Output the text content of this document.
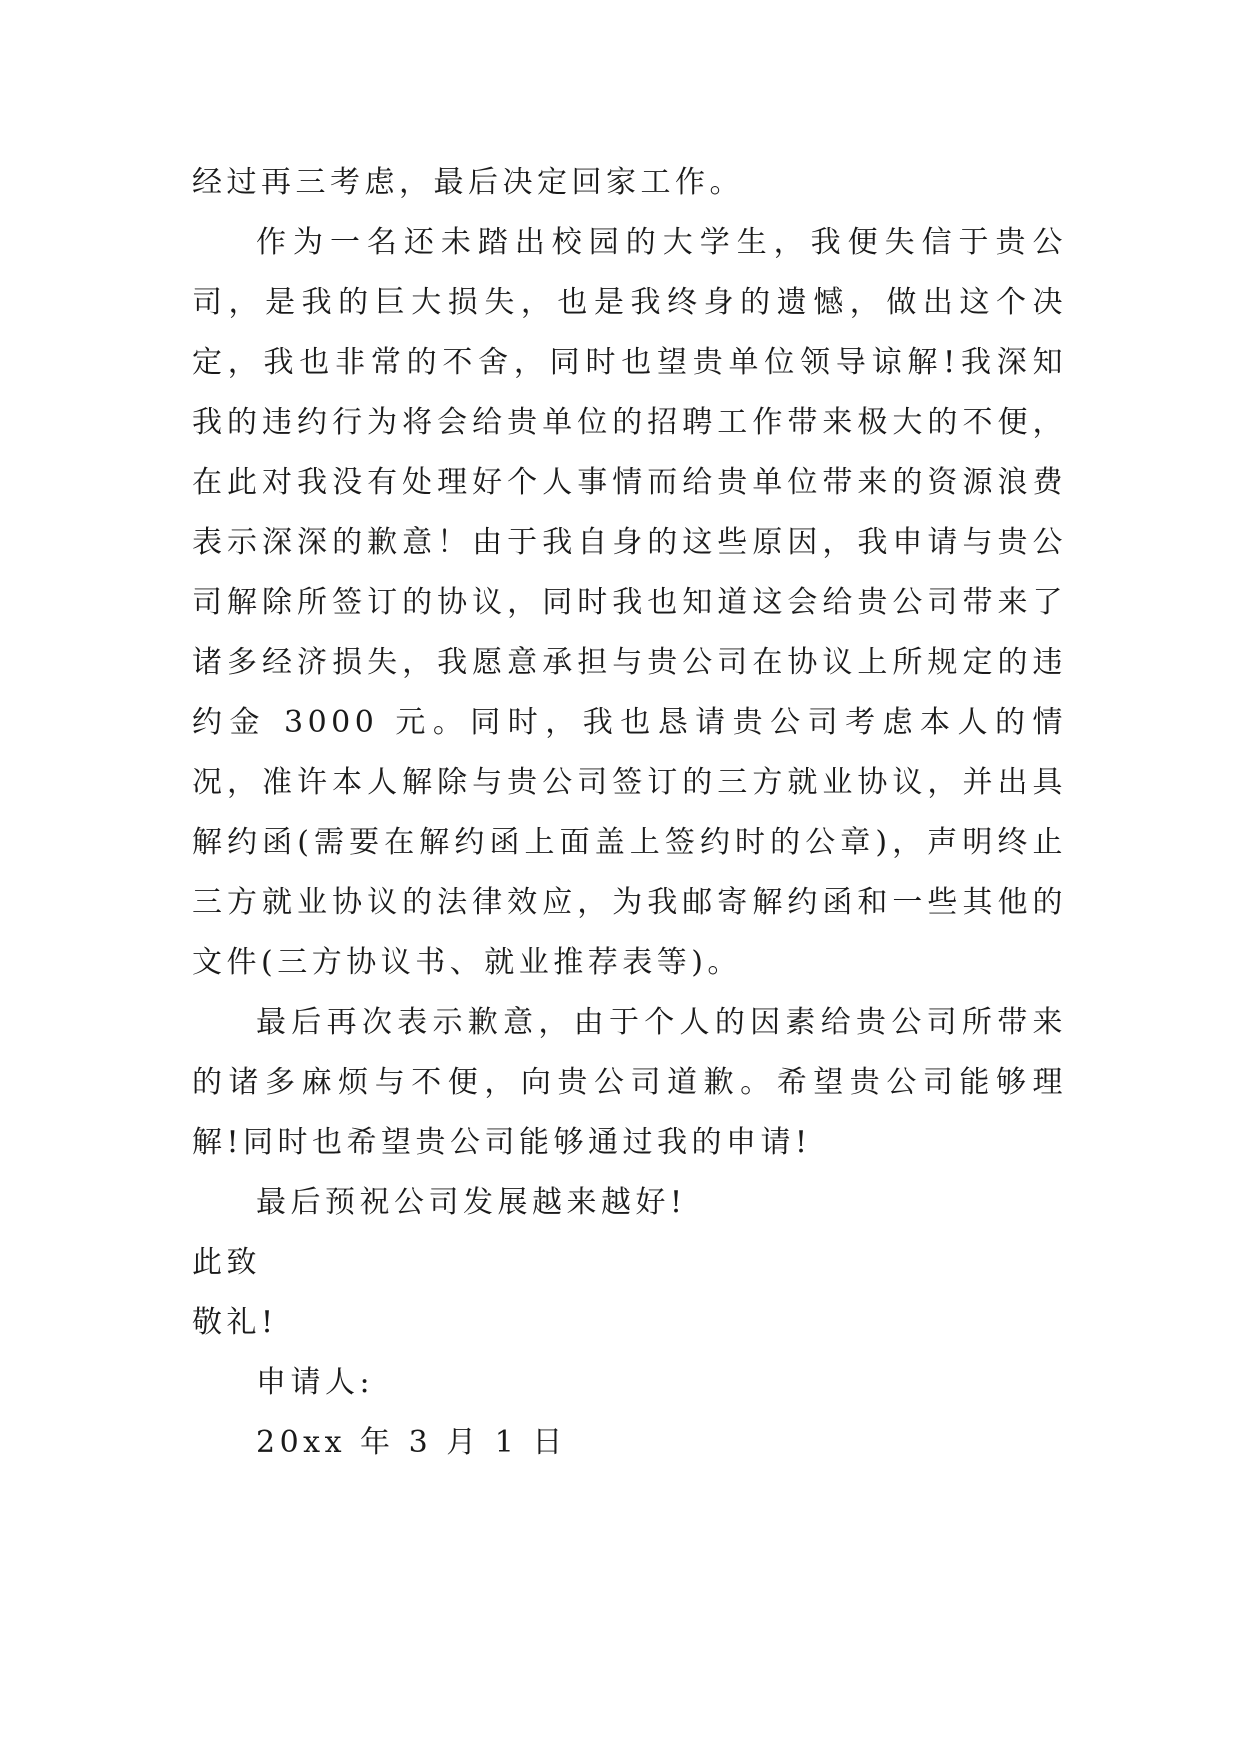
经过再三考虑，最后决定回家工作。

作为一名还未踏出校园的大学生，我便失信于贵公司，是我的巨大损失，也是我终身的遗憾，做出这个决定，我也非常的不舍，同时也望贵单位领导谅解!我深知我的违约行为将会给贵单位的招聘工作带来极大的不便，在此对我没有处理好个人事情而给贵单位带来的资源浪费表示深深的歉意！由于我自身的这些原因，我申请与贵公司解除所签订的协议，同时我也知道这会给贵公司带来了诸多经济损失，我愿意承担与贵公司在协议上所规定的违约金 3000 元。同时，我也恳请贵公司考虑本人的情况，准许本人解除与贵公司签订的三方就业协议，并出具解约函(需要在解约函上面盖上签约时的公章)，声明终止三方就业协议的法律效应，为我邮寄解约函和一些其他的文件(三方协议书、就业推荐表等)。

最后再次表示歉意，由于个人的因素给贵公司所带来的诸多麻烦与不便，向贵公司道歉。希望贵公司能够理解!同时也希望贵公司能够通过我的申请!

最后预祝公司发展越来越好!

此致

敬礼!

申请人:

20xx 年 3 月 1 日
